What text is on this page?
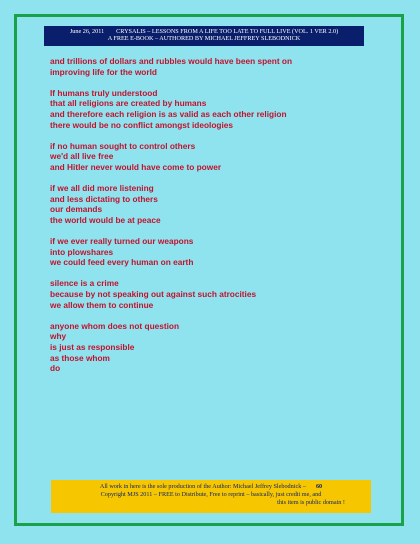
June 26, 2011 CRYSALIS – LESSONS FROM A LIFE TOO LATE TO FULL LIVE (VOL. 1 VER 2.0)
A FREE E-BOOK – AUTHORED BY MICHAEL JEFFREY SLEBODNICK
and trillions of dollars and rubbles would have been spent on
improving life for the world
If humans truly understood
that all religions are created by humans
and therefore each religion is as valid as each other religion
there would be no conflict amongst ideologies
if no human sought to control others
we'd all live free
and Hitler never would have come to power
if we all did more listening
and less dictating to others
our demands
the world would be at peace
if we ever really turned our weapons
into plowshares
we could feed every human on earth
silence is a crime
because by not speaking out against such atrocities
we allow them to continue
anyone whom does not question
why
is just as responsible
as those whom
do
All work in here is the sole production of the Author: Michael Jeffrey Slebodnick – 60
Copyright MJS 2011 – FREE to Distribute, Free to reprint – basically, just credit me, and
this item is public domain !
